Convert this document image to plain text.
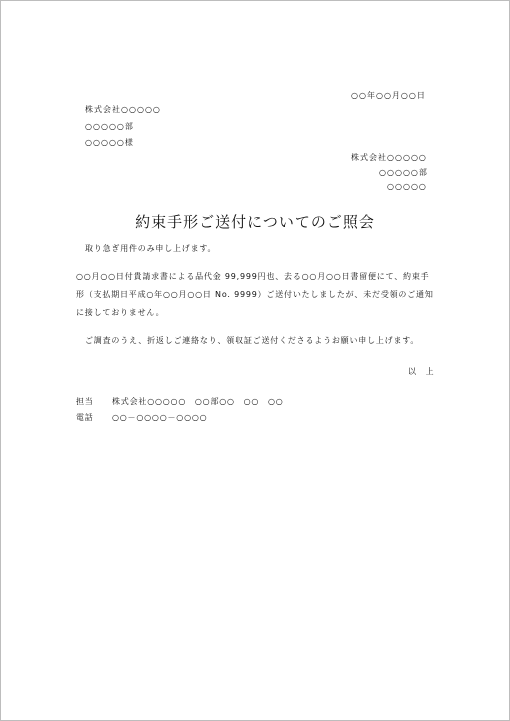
○○年○○月○○日
株式会社○○○○○
○○○○○部
○○○○○様
株式会社○○○○○
○○○○○部
○○○○○
約束手形ご送付についてのご照会
取り急ぎ用件のみ申し上げます。
○○月○○日付貴請求書による品代金 99,999円也、去る○○月○○日書留便にて、約束手
形（支払期日平成○年○○月○○日 No. 9999）ご送付いたしましたが、未だ受領のご通知
に接しておりません。
ご調査のうえ、折返しご連絡なり、領収証ご送付くださるようお願い申し上げます。
以　上
担当 株式会社○○○○○　○○部○○　○○　○○
電話 ○○－○○○○－○○○○
